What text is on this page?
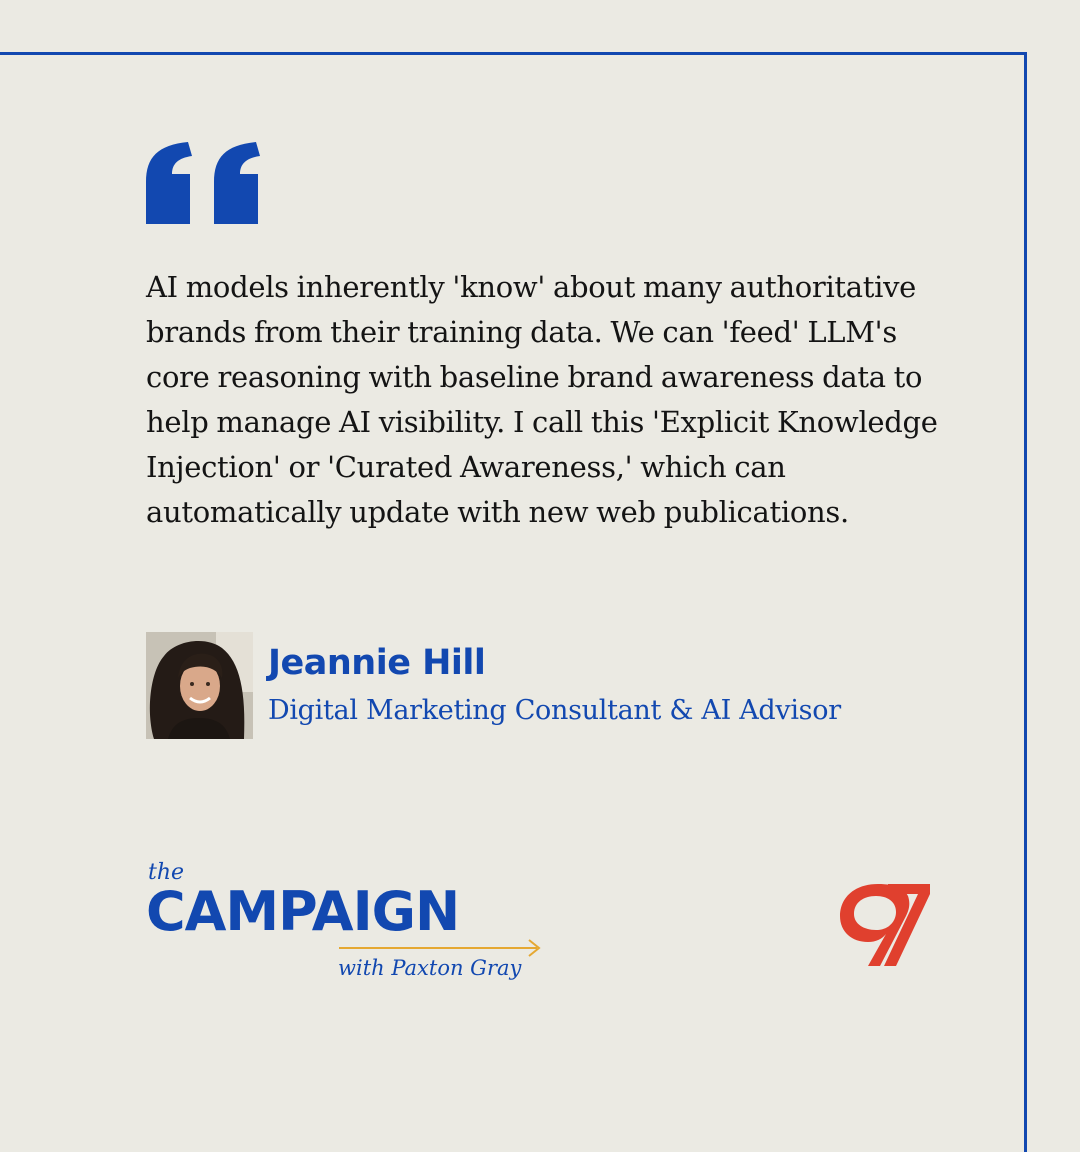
AI models inherently 'know' about many authoritative brands from their training data. We can 'feed' LLM's core reasoning with baseline brand awareness data to help manage AI visibility. I call this 'Explicit Knowledge Injection' or 'Curated Awareness,' which can automatically update with new web publications.

Jeannie Hill

Digital Marketing Consultant & AI Advisor

the
CAMPAIGN
with Paxton Gray
